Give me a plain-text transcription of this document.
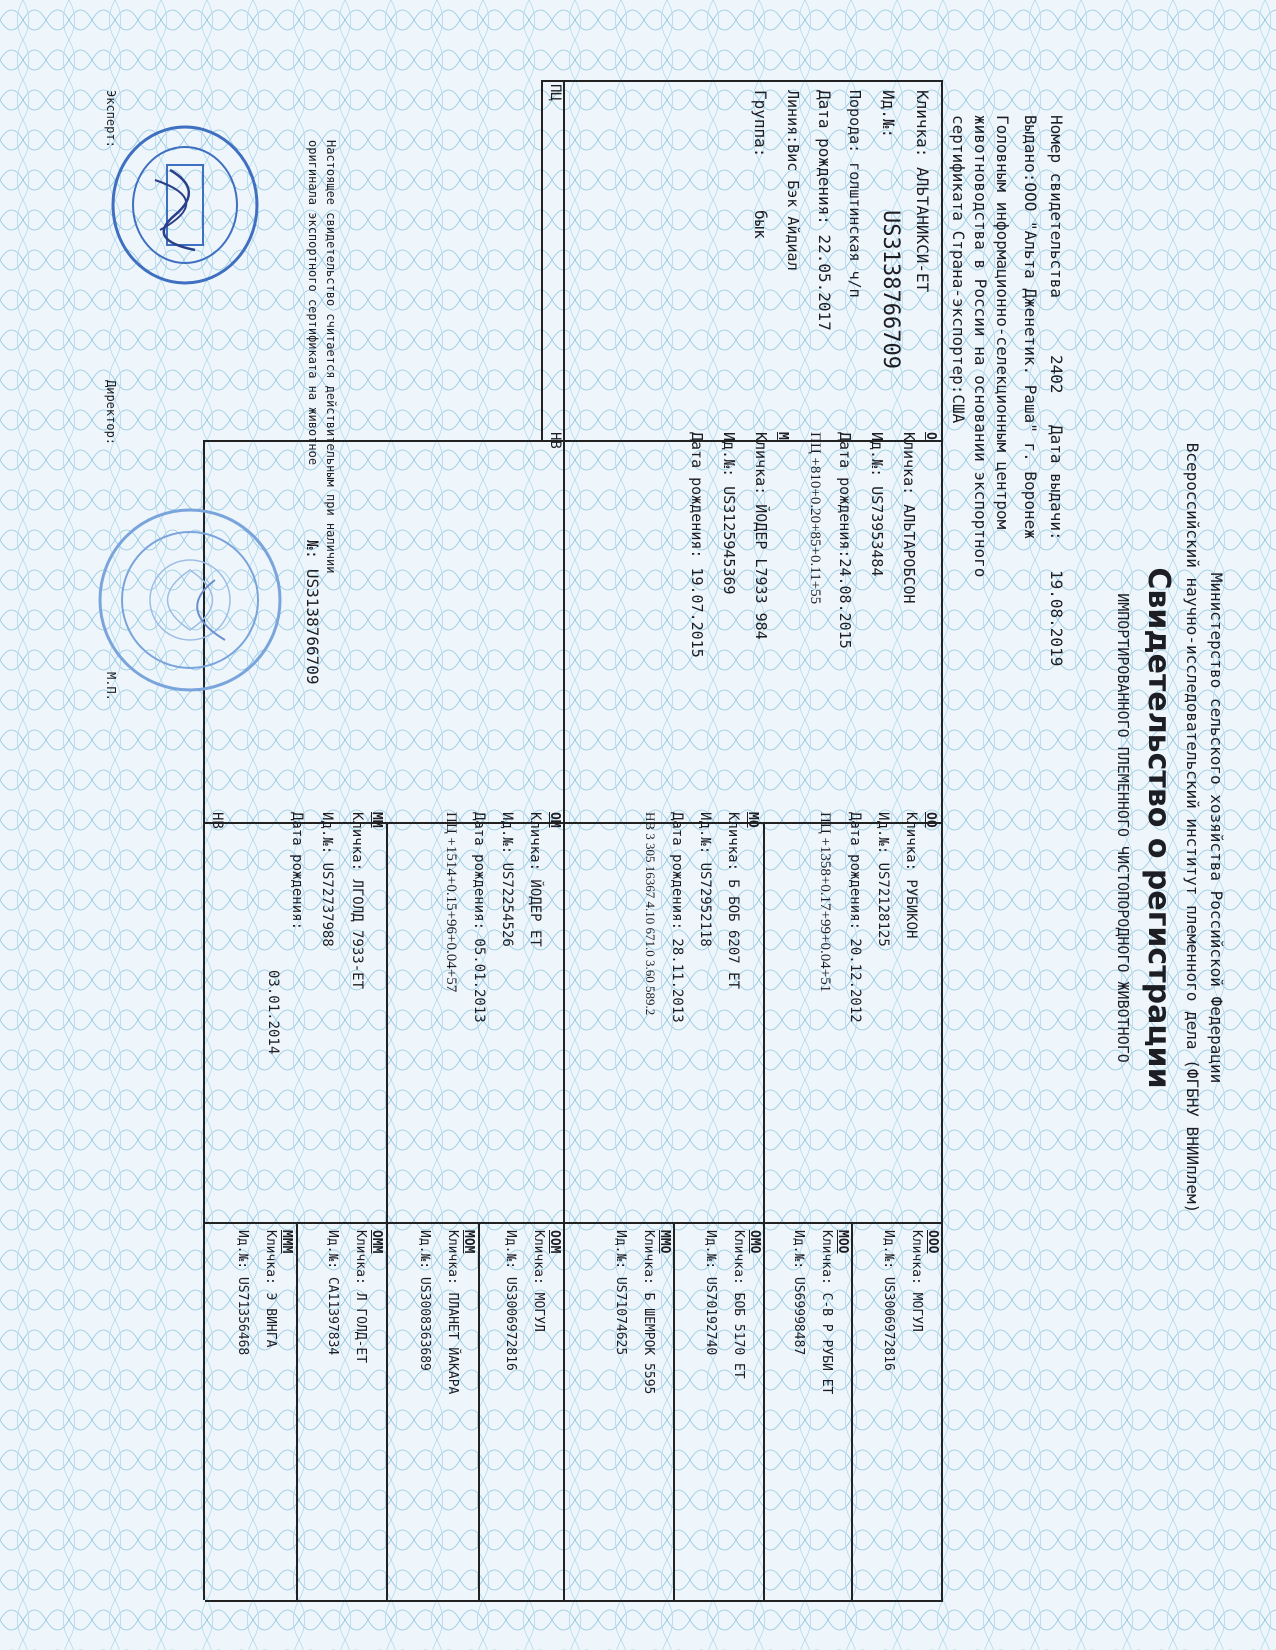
Министерство сельского хозяйства Российской Федерации
Всероссийский научно-исследовательский институт племенного дела (ФГБНУ ВНИИплем)
Свидетельство о регистрации
ИМПОРТИРОВАННОГО ПЛЕМЕННОГО ЧИСТОПОРОДНОГО ЖИВОТНОГО
Номер свидетельства
2402
Дата выдачи:
19.08.2019
Выдано:ООО "Альта Дженетик. Раша" г. Воронеж
Головным информационно-селекционным центром
животноводства в России на основании экспортного
сертификата Страна-экспортер:США
Кличка: АЛЬТАНИКСИ-ЕТ
Ид.№:
US3138766709
Порода: голштинская ч/п
Дата рождения: 22.05.2017
Линия:Вис Бэк Айдиал
Группа:
бык
ПЦ
О
Кличка: АЛЬТАРОБСОН
Ид.№: US73953484
Дата рождения:24.08.2015
ПЦ +810+0.20+85+0.11+55
М
Кличка: ЙОДЕР L7933 984
Ид.№: US3125945369
Дата рождения: 19.07.2015
НВ
ОО
Кличка: РУБИКОН
Ид.№: US72128125
Дата рождения: 20.12.2012
ПЦ +1358+0.17+99+0.04+51
МО
Кличка: Б БОБ 6207 ЕТ
Ид.№: US72952118
Дата рождения: 28.11.2013
НВ 3 305 16367 4.10 671.0 3.60 589.2
ОМ
Кличка: ЙОДЕР ЕТ
Ид.№: US72254526
Дата рождения: 05.01.2013
ПЦ +1514+0.15+96+0.04+57
ММ
Кличка: ЛГОЛД 7933-ЕТ
Ид.№: US72737988
Дата рождения:
03.01.2014
НВ
ООО
Кличка: МОГУЛ
Ид.№: US3006972816
МОО
Кличка: С-В Р РУБИ ЕТ
Ид.№: US69998487
ОМО
Кличка: БОБ 5170 ЕТ
Ид.№: US70192740
ММО
Кличка: Б ШЕМРОК 5595
Ид.№: US71074625
ООМ
Кличка: МОГУЛ
Ид.№: US3006972816
МОМ
Кличка: ПЛАНЕТ ЙАКАРА
Ид.№: US3008363689
ОММ
Кличка: Л ГОЛД-ЕТ
Ид.№: CA11397834
МММ
Кличка: Э ВИНГА
Ид.№: US71356468
Настоящее свидетельство считается действительным при наличии
оригинала экспортного сертификата на животное
№: US3138766709
Эксперт:
Директор:
М.П.
